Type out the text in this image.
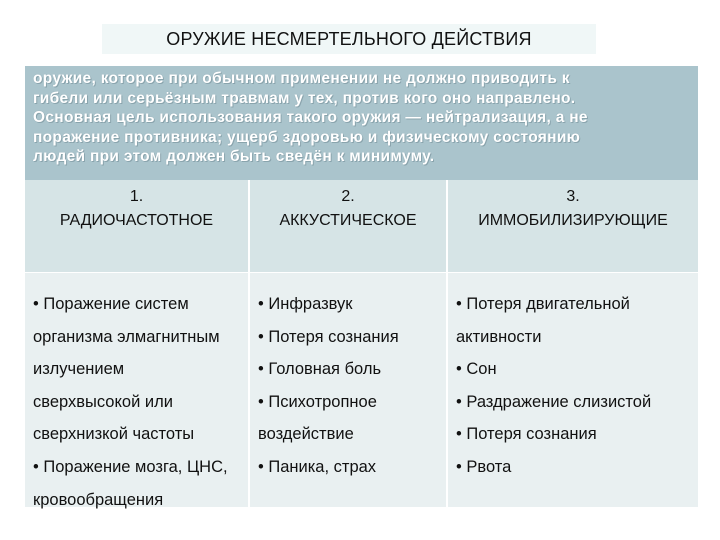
ОРУЖИЕ НЕСМЕРТЕЛЬНОГО ДЕЙСТВИЯ
оружие, которое при обычном применении не должно приводить к
гибели или серьёзным травмам у тех, против кого оно направлено.
Основная цель использования такого оружия — нейтрализация, а не
поражение противника; ущерб здоровью и физическому состоянию
людей при этом должен быть сведён к минимуму.
1.
РАДИОЧАСТОТНОЕ
• Поражение систем
организма элмагнитным
излучением
сверхвысокой или
сверхнизкой частоты
• Поражение мозга, ЦНС,
кровообращения
2.
АККУСТИЧЕСКОЕ
• Инфразвук
• Потеря сознания
• Головная боль
• Психотропное
воздействие
• Паника, страх
3.
ИММОБИЛИЗИРУЮЩИЕ
• Потеря двигательной
активности
• Сон
• Раздражение слизистой
• Потеря сознания
• Рвота
